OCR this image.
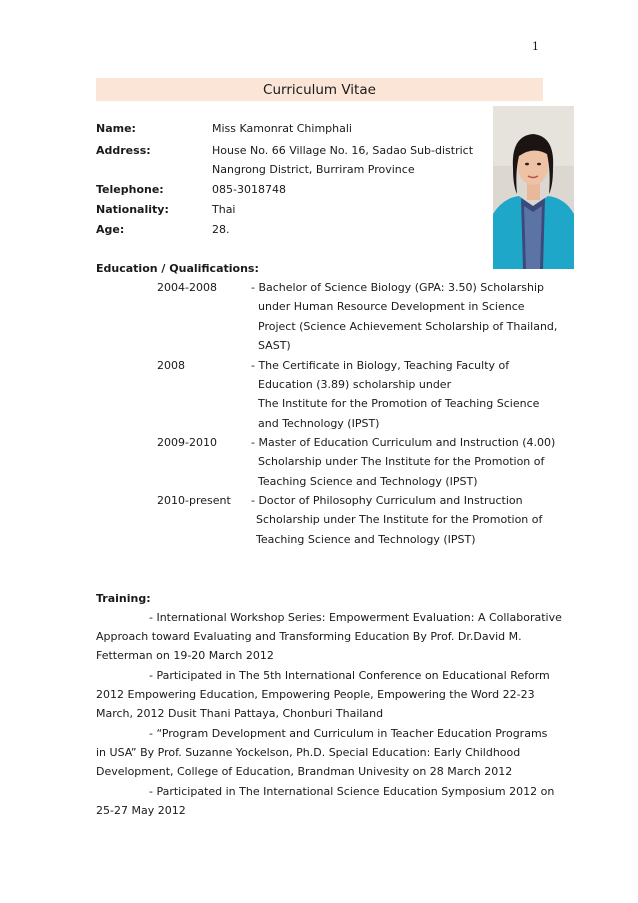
1
Curriculum Vitae
Name:	Miss Kamonrat Chimphali
Address:	House No. 66 Village No. 16, Sadao Sub-district
Nangrong District, Burriram Province
Telephone:	085-3018748
Nationality:	Thai
Age:	28.
Education / Qualifications:
2004-2008	- Bachelor of Science Biology (GPA: 3.50) Scholarship
under Human Resource Development in Science
Project (Science Achievement Scholarship of Thailand,
SAST)
2008	- The Certificate in Biology, Teaching Faculty of
Education (3.89) scholarship under
The Institute for the Promotion of Teaching Science
and Technology (IPST)
2009-2010	- Master of Education Curriculum and Instruction (4.00)
Scholarship under The Institute for the Promotion of
Teaching Science and Technology (IPST)
2010-present - Doctor of Philosophy Curriculum and Instruction
Scholarship under The Institute for the Promotion of
Teaching Science and Technology (IPST)
Training:
- International Workshop Series: Empowerment Evaluation: A Collaborative
Approach toward Evaluating and Transforming Education By Prof. Dr.David M.
Fetterman on 19-20 March 2012
- Participated in The 5th International Conference on Educational Reform
2012 Empowering Education, Empowering People, Empowering the Word 22-23
March, 2012 Dusit Thani Pattaya, Chonburi Thailand
- “Program Development and Curriculum in Teacher Education Programs
in USA” By Prof. Suzanne Yockelson, Ph.D. Special Education: Early Childhood
Development, College of Education, Brandman Univesity on 28 March 2012
- Participated in The International Science Education Symposium 2012 on
25-27 May 2012
